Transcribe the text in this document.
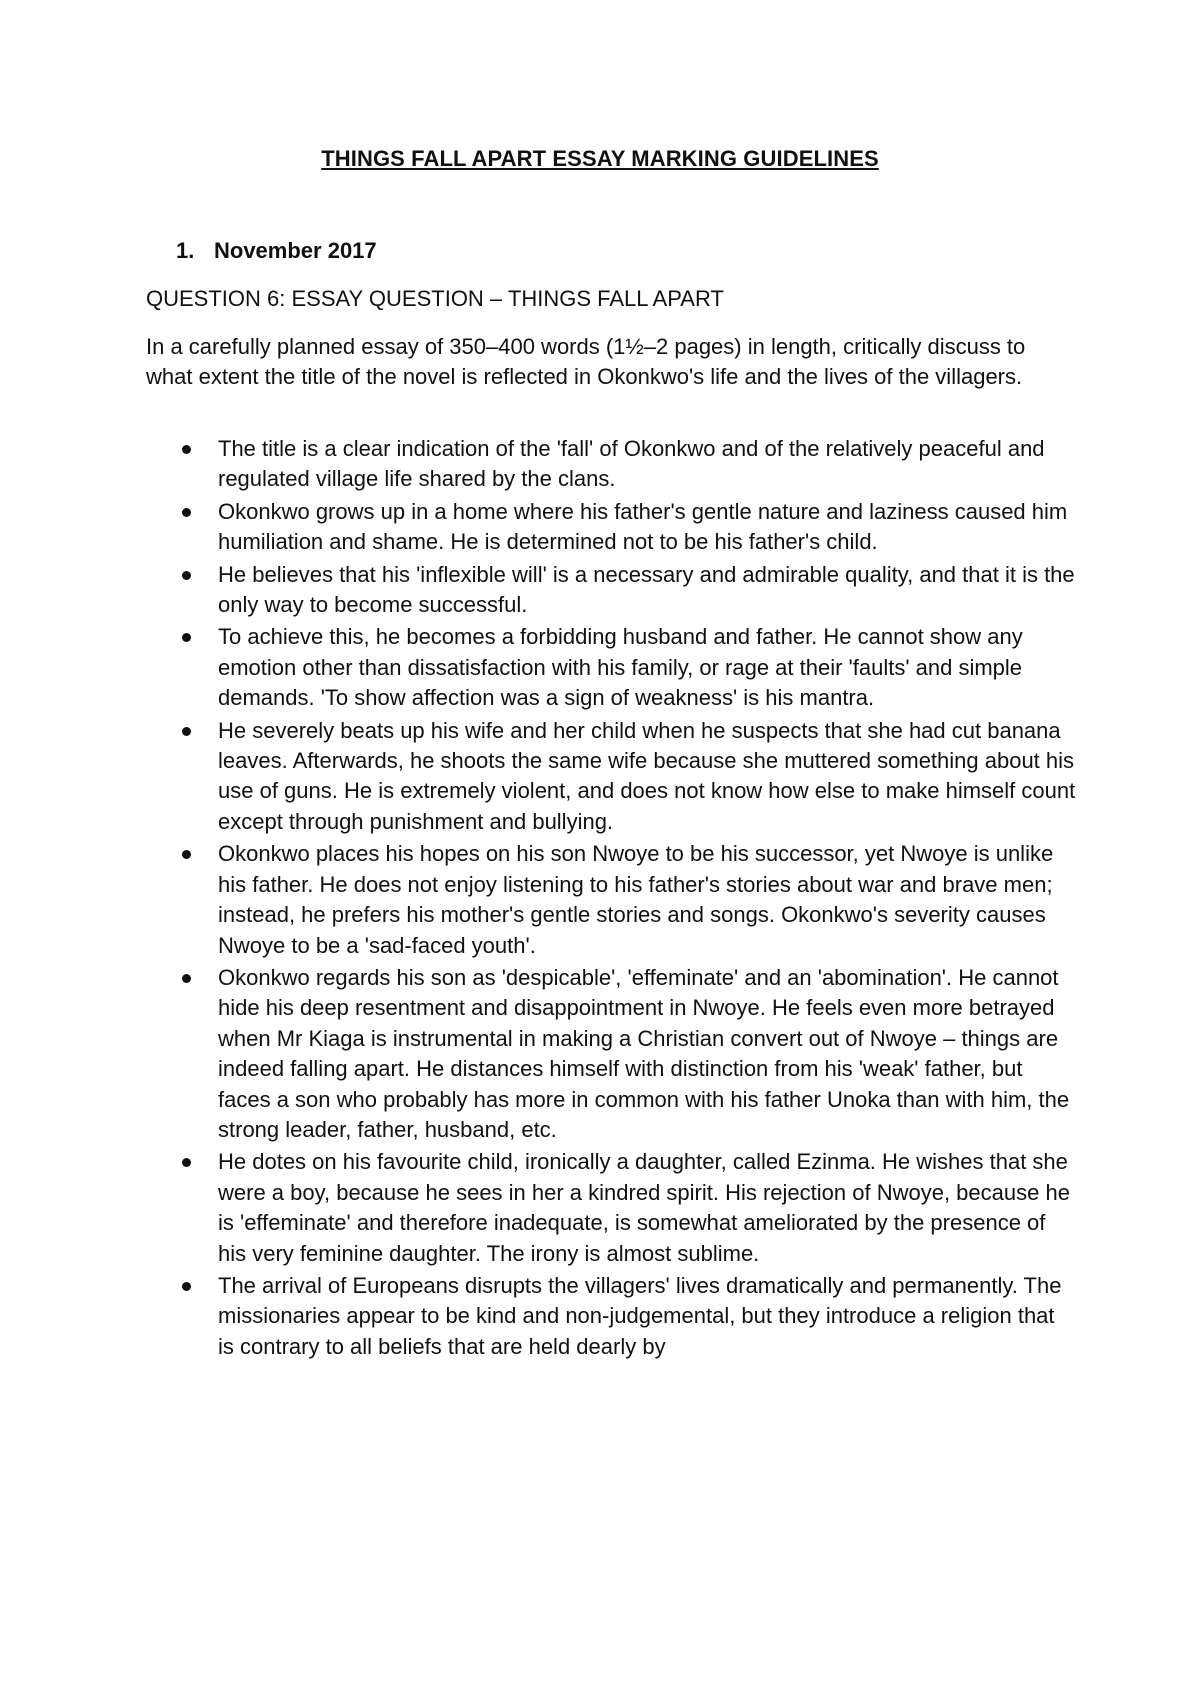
THINGS FALL APART ESSAY MARKING GUIDELINES
1. November 2017

QUESTION 6: ESSAY QUESTION – THINGS FALL APART

In a carefully planned essay of 350–400 words (1½–2 pages) in length, critically discuss to what extent the title of the novel is reflected in Okonkwo's life and the lives of the villagers.

The title is a clear indication of the 'fall' of Okonkwo and of the relatively peaceful and regulated village life shared by the clans.
Okonkwo grows up in a home where his father's gentle nature and laziness caused him humiliation and shame. He is determined not to be his father's child.
He believes that his 'inflexible will' is a necessary and admirable quality, and that it is the only way to become successful.
To achieve this, he becomes a forbidding husband and father. He cannot show any emotion other than dissatisfaction with his family, or rage at their 'faults' and simple demands. 'To show affection was a sign of weakness' is his mantra.
He severely beats up his wife and her child when he suspects that she had cut banana leaves. Afterwards, he shoots the same wife because she muttered something about his use of guns. He is extremely violent, and does not know how else to make himself count except through punishment and bullying.
Okonkwo places his hopes on his son Nwoye to be his successor, yet Nwoye is unlike his father. He does not enjoy listening to his father's stories about war and brave men; instead, he prefers his mother's gentle stories and songs. Okonkwo's severity causes Nwoye to be a 'sad-faced youth'.
Okonkwo regards his son as 'despicable', 'effeminate' and an 'abomination'. He cannot hide his deep resentment and disappointment in Nwoye. He feels even more betrayed when Mr Kiaga is instrumental in making a Christian convert out of Nwoye – things are indeed falling apart. He distances himself with distinction from his 'weak' father, but faces a son who probably has more in common with his father Unoka than with him, the strong leader, father, husband, etc.
He dotes on his favourite child, ironically a daughter, called Ezinma. He wishes that she were a boy, because he sees in her a kindred spirit. His rejection of Nwoye, because he is 'effeminate' and therefore inadequate, is somewhat ameliorated by the presence of his very feminine daughter. The irony is almost sublime.
The arrival of Europeans disrupts the villagers' lives dramatically and permanently. The missionaries appear to be kind and non-judgemental, but they introduce a religion that is contrary to all beliefs that are held dearly by
